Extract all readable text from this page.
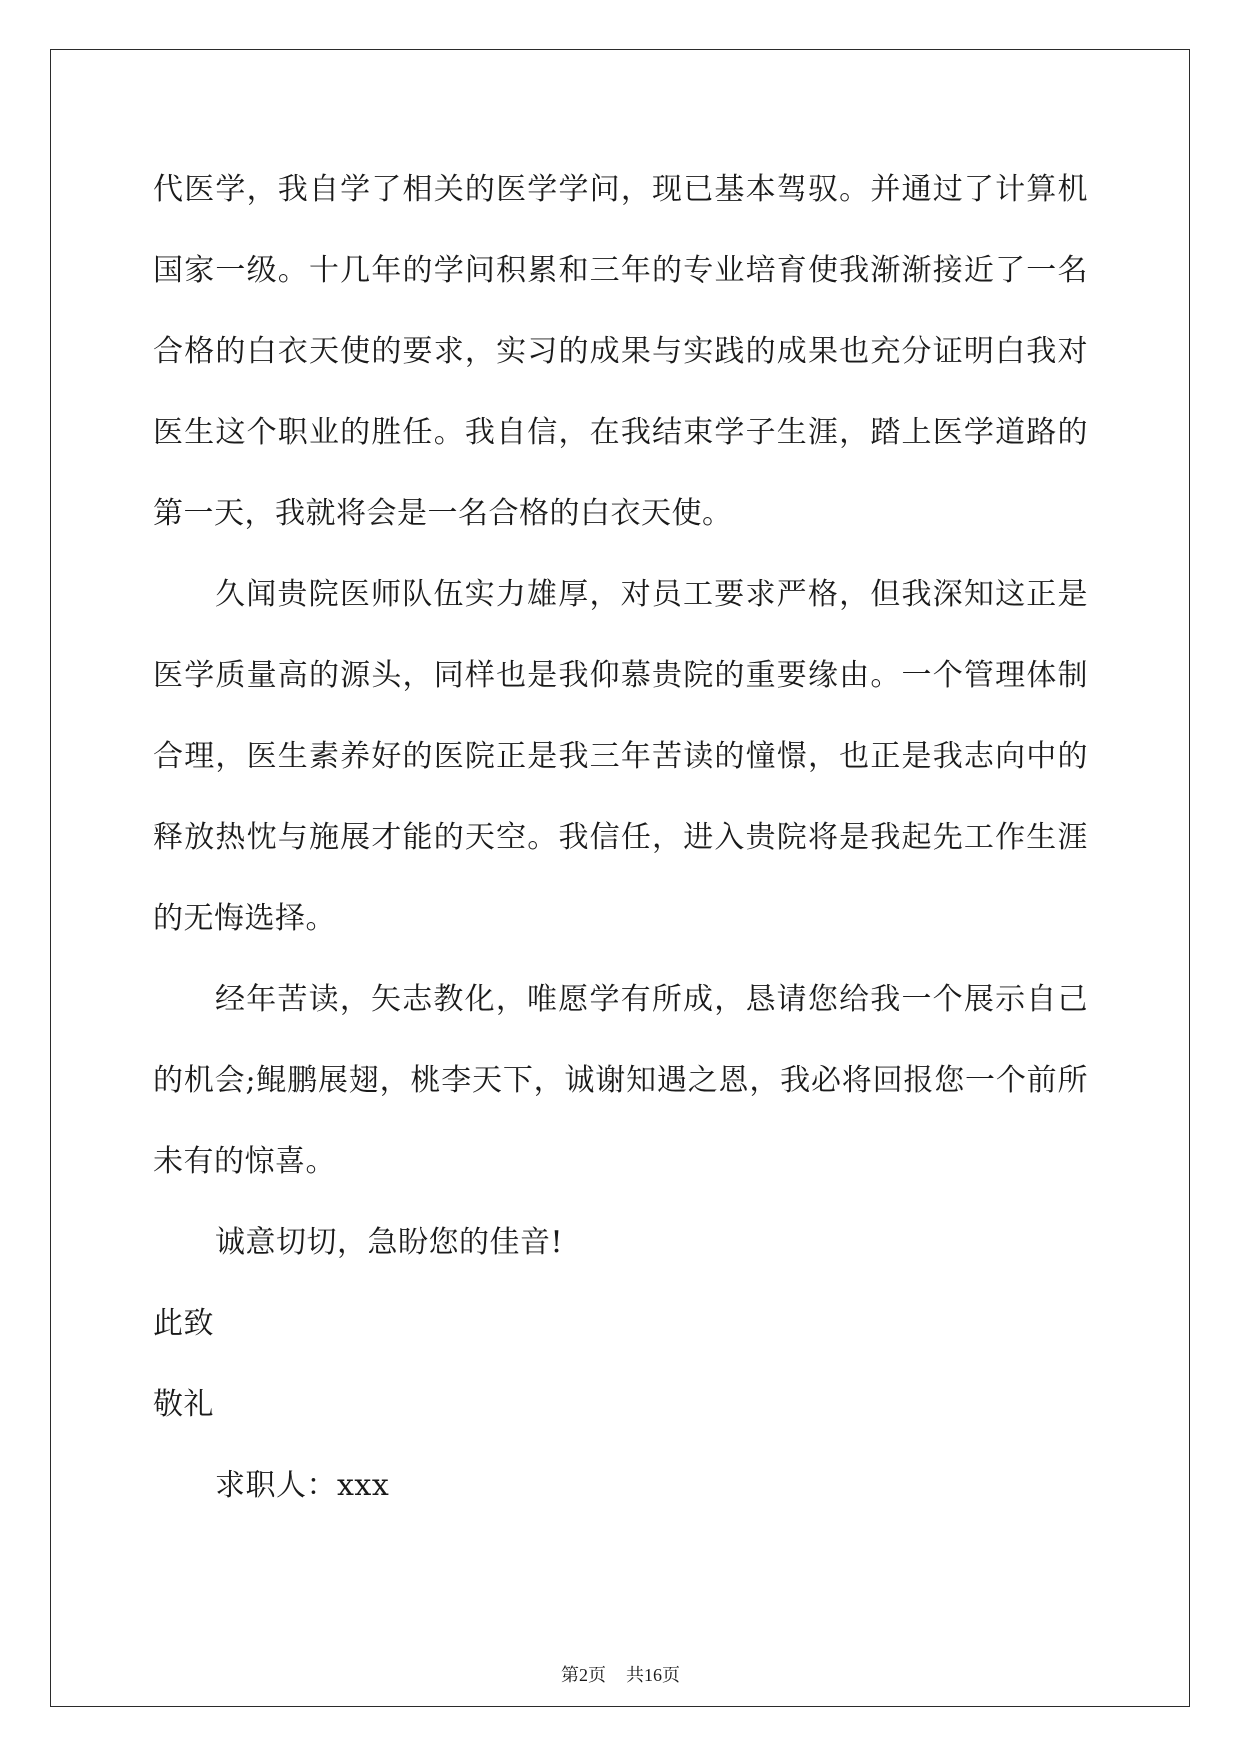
代医学，我自学了相关的医学学问，现已基本驾驭。并通过了计算机
国家一级。十几年的学问积累和三年的专业培育使我渐渐接近了一名
合格的白衣天使的要求，实习的成果与实践的成果也充分证明白我对
医生这个职业的胜任。我自信，在我结束学子生涯，踏上医学道路的
第一天，我就将会是一名合格的白衣天使。
久闻贵院医师队伍实力雄厚，对员工要求严格，但我深知这正是
医学质量高的源头，同样也是我仰慕贵院的重要缘由。一个管理体制
合理，医生素养好的医院正是我三年苦读的憧憬，也正是我志向中的
释放热忱与施展才能的天空。我信任，进入贵院将是我起先工作生涯
的无悔选择。
经年苦读，矢志教化，唯愿学有所成，恳请您给我一个展示自己
的机会;鲲鹏展翅，桃李天下，诚谢知遇之恩，我必将回报您一个前所
未有的惊喜。
诚意切切，急盼您的佳音!
此致
敬礼
求职人：xxx
第2页 共16页
